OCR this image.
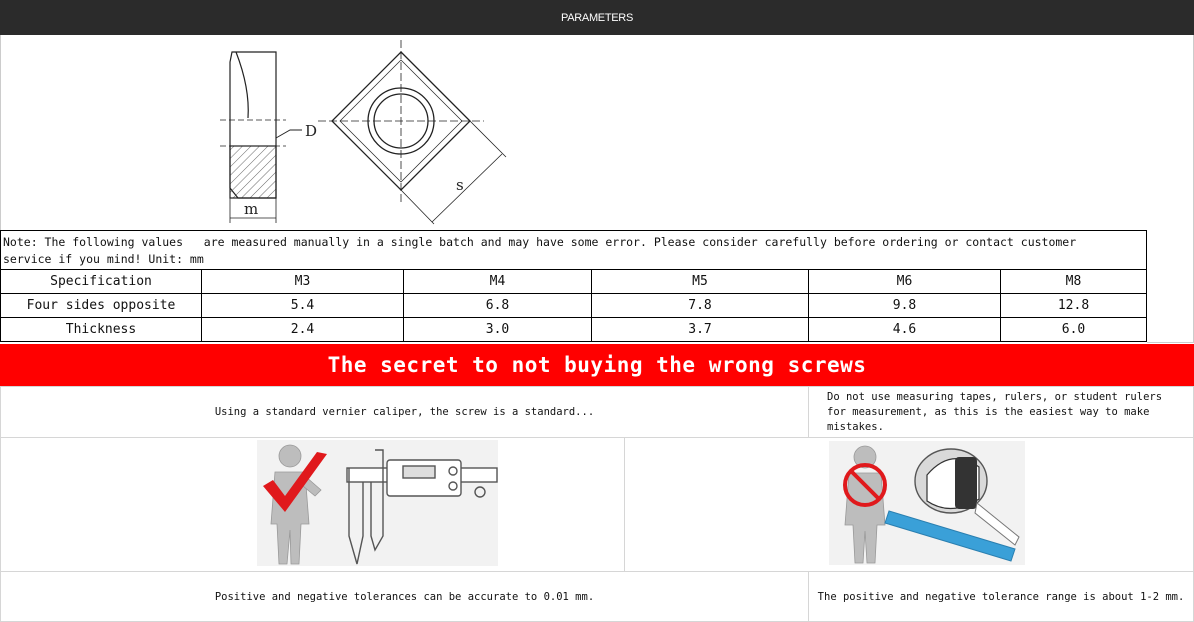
PARAMETERS
D
m
s
Note: The following values   are measured manually in a single batch and may have some error. Please consider carefully before ordering or contact customer
service if you mind! Unit: mm
Specification	M3	M4	M5	M6	M8
Four sides opposite	5.4	6.8	7.8	9.8	12.8
Thickness	2.4	3.0	3.7	4.6	6.0
The secret to not buying the wrong screws
Using a standard vernier caliper, the screw is a standard...
Do not use measuring tapes, rulers, or student rulers for measurement, as this is the easiest way to make mistakes.
Positive and negative tolerances can be accurate to 0.01 mm.	The positive and negative tolerance range is about 1-2 mm.
